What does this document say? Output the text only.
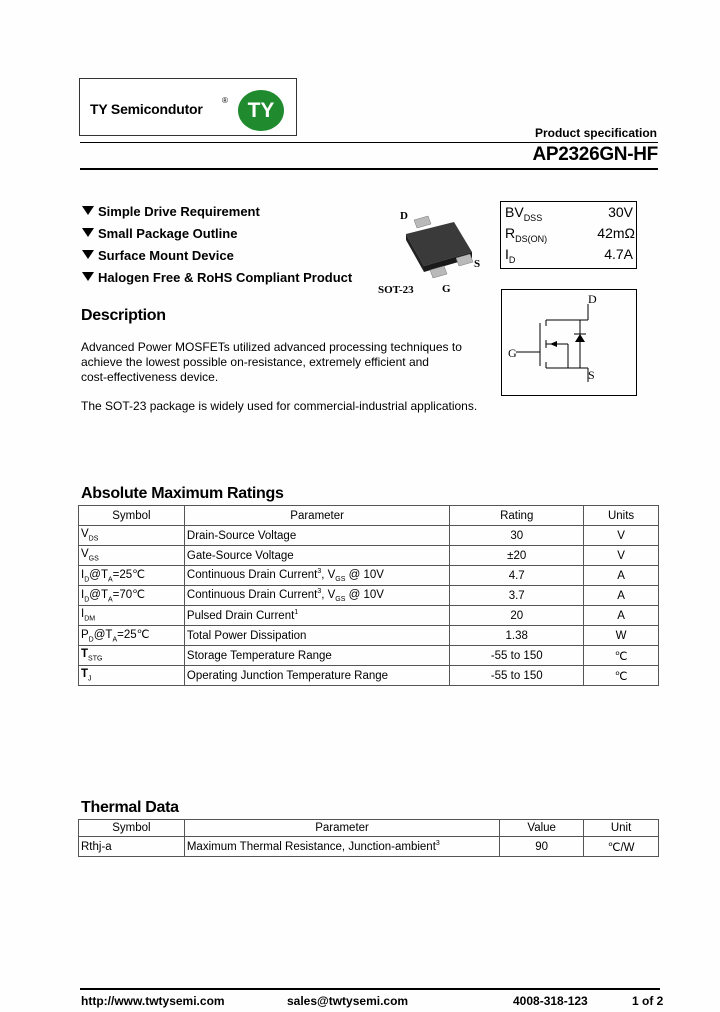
TY Semicondutor
® TY
Product specification
AP2326GN-HF
Simple Drive Requirement
Small Package Outline
Surface Mount Device
Halogen Free & RoHS Compliant Product
D
S
G
SOT-23
$BV_{DSS}$	30V
$R_{DS(ON)}$	42mΩ
$I_D$	4.7A
D
G
S
Description
Advanced Power MOSFETs utilized advanced processing techniques to
achieve the lowest possible on-resistance, extremely efficient and
cost-effectiveness device.
The SOT-23 package is widely used for commercial-industrial applications.
Absolute Maximum Ratings
Symbol	Parameter	Rating	Units
$V_{DS}$	Drain-Source Voltage	30	V
$V_{GS}$	Gate-Source Voltage	±20	V
$I_D@T_A=25℃$	Continuous Drain Current$^3$, $V_{GS}$ @ 10V	4.7	A
$I_D@T_A=70℃$	Continuous Drain Current$^3$, $V_{GS}$ @ 10V	3.7	A
$I_{DM}$	Pulsed Drain Current$^1$	20	A
$P_D@T_A=25℃$	Total Power Dissipation	1.38	W
$T_{STG}$	Storage Temperature Range	-55 to 150	℃
$T_J$	Operating Junction Temperature Range	-55 to 150	℃
Thermal Data
Symbol	Parameter	Value	Unit
Rthj-a	Maximum Thermal Resistance, Junction-ambient$^3$	90	℃/W
http://www.twtysemi.com	sales@twtysemi.com	4008-318-123	1 of 2
